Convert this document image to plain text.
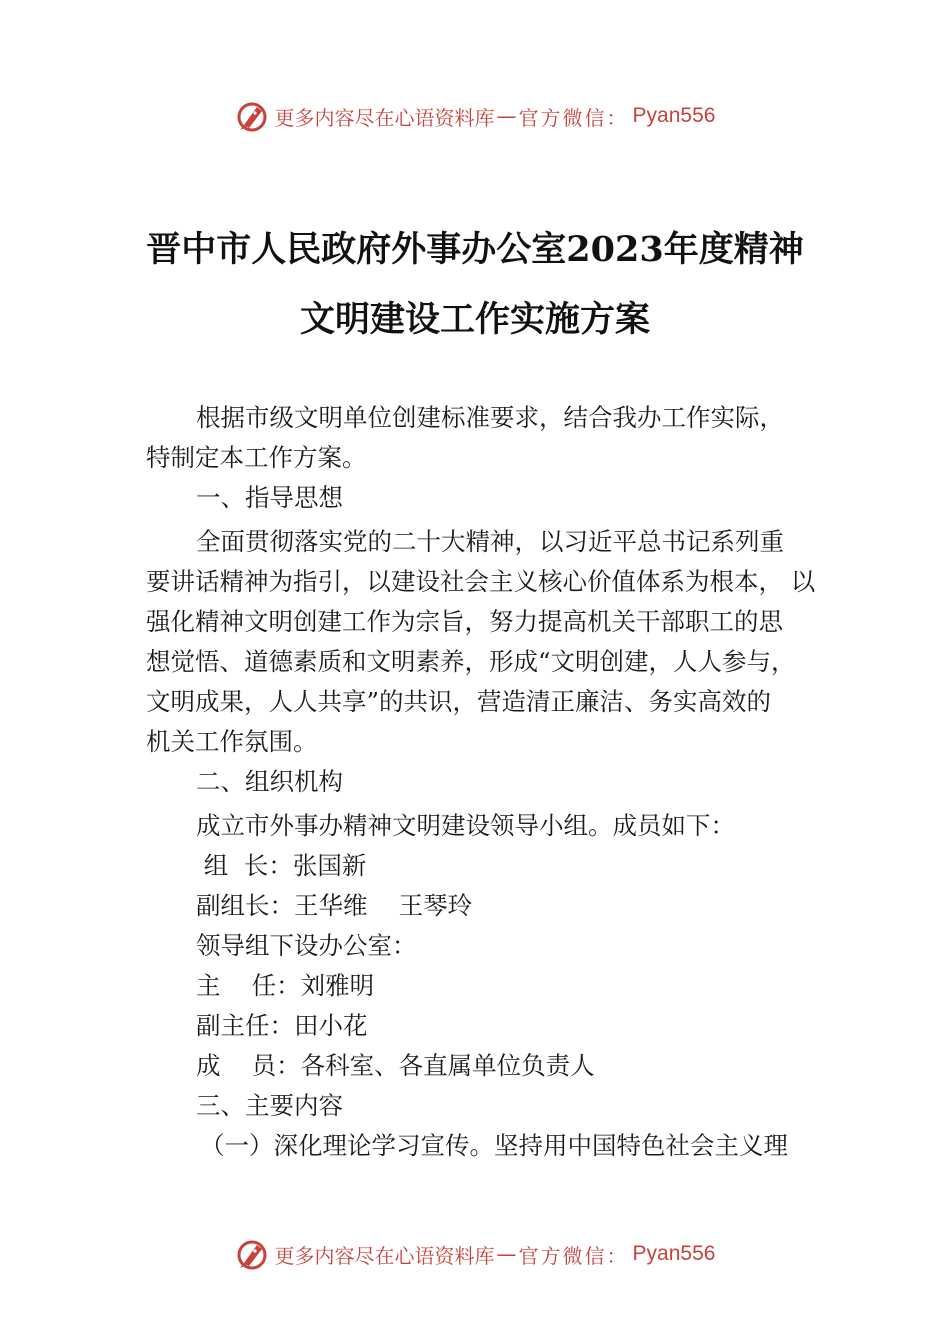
更多内容尽在心语资料库 — 官方微信： Pyan556
晋中市人民政府外事办公室2023年度精神
文明建设工作实施方案

根据市级文明单位创建标准要求，结合我办工作实际，

特制定本工作方案。

一、指导思想

全面贯彻落实党的二十大精神，以习近平总书记系列重

要讲话精神为指引，以建设社会主义核心价值体系为根本， 以

强化精神文明创建工作为宗旨，努力提高机关干部职工的思

想觉悟、道德素质和文明素养，形成“文明创建，人人参与，

文明成果，人人共享”的共识，营造清正廉洁、务实高效的

机关工作氛围。

二、组织机构

成立市外事办精神文明建设领导小组。成员如下：

组  长：张国新

副组长：王华维    王琴玲

领导组下设办公室：

主    任：刘雅明

副主任：田小花

成    员：各科室、各直属单位负责人

三、主要内容

（一）深化理论学习宣传。坚持用中国特色社会主义理

更多内容尽在心语资料库 — 官方微信： Pyan556
